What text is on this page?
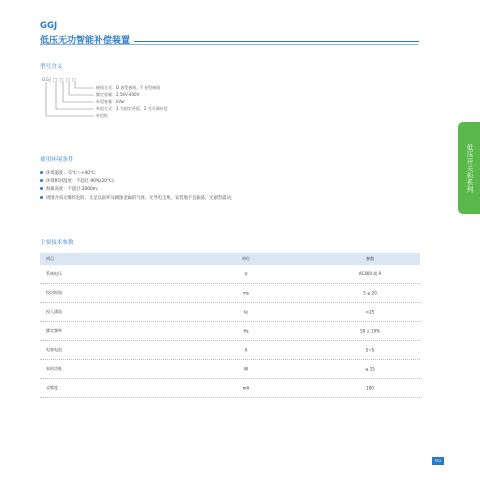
GGJ
低压无功智能补偿装置
型号含义
GGJ □ □ □ □
接线方式：D 表型接线，Y 星型接线
额定容量：2.5KV-400V
补偿容量：kVar
补偿方式：1 为固定补偿，2 为可调补偿
补偿柜
使用环境条件
环境温度：-5℃～+40℃；
环境相对湿度：不超过 90%(20℃)；
海拔高度：不超过 2000m；
周围介质无爆炸危险，无足以损坏及腐蚀金属的气体，无导电尘埃，安装地不宜振荡，无剧烈震动。
低压开关柜系列
主要技术参数
项目	单位	参数
系统电压	V	AC400 或 9
投切时间	ms	5 ≤ 20
投入涌流	Ie	<25
额定频率	Hz	50 ± 10%
电容电流	A	5~5
本机功耗	W	≤ 15
灵敏度	mA	100
P52
